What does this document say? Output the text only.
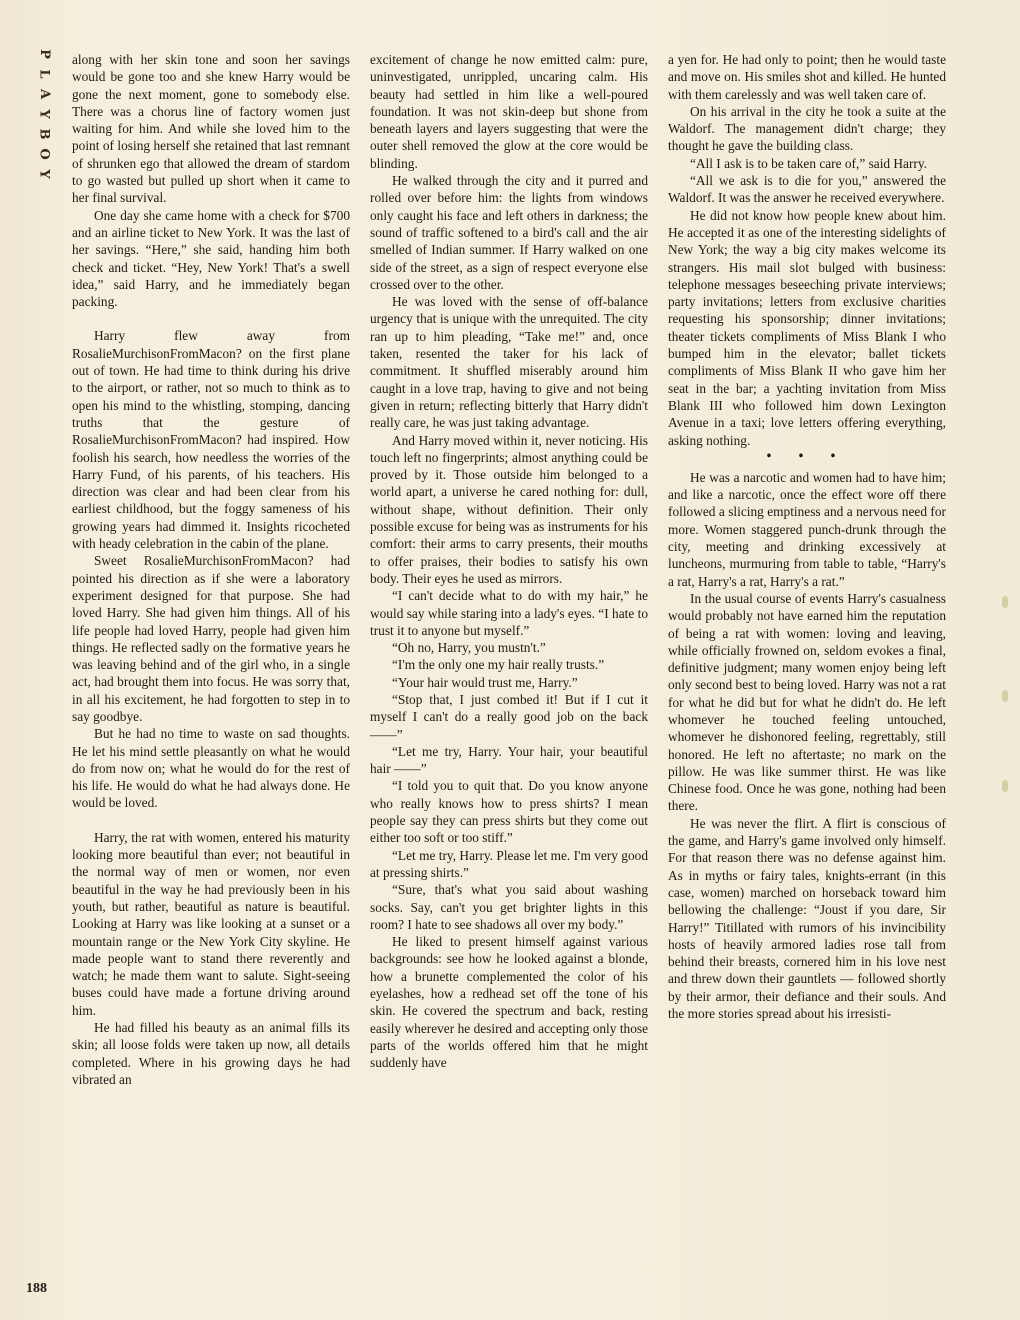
P
L
A
Y
B
O
Y
188

along with her skin tone and soon her savings would be gone too and she knew Harry would be gone the next moment, gone to somebody else. There was a chorus line of factory women just waiting for him. And while she loved him to the point of losing herself she retained that last remnant of shrunken ego that allowed the dream of stardom to go wasted but pulled up short when it came to her final survival.

One day she came home with a check for $700 and an airline ticket to New York. It was the last of her savings. “Here,” she said, handing him both check and ticket. “Hey, New York! That's a swell idea,” said Harry, and he immediately began packing.

Harry flew away from RosalieMurchisonFromMacon? on the first plane out of town. He had time to think during his drive to the airport, or rather, not so much to think as to open his mind to the whistling, stomping, dancing truths that the gesture of RosalieMurchisonFromMacon? had inspired. How foolish his search, how needless the worries of the Harry Fund, of his parents, of his teachers. His direction was clear and had been clear from his earliest childhood, but the foggy sameness of his growing years had dimmed it. Insights ricocheted with heady celebration in the cabin of the plane.

Sweet RosalieMurchisonFromMacon? had pointed his direction as if she were a laboratory experiment designed for that purpose. She had loved Harry. She had given him things. All of his life people had loved Harry, people had given him things. He reflected sadly on the formative years he was leaving behind and of the girl who, in a single act, had brought them into focus. He was sorry that, in all his excitement, he had forgotten to step in to say goodbye.

But he had no time to waste on sad thoughts. He let his mind settle pleasantly on what he would do from now on; what he would do for the rest of his life. He would do what he had always done. He would be loved.

Harry, the rat with women, entered his maturity looking more beautiful than ever; not beautiful in the normal way of men or women, nor even beautiful in the way he had previously been in his youth, but rather, beautiful as nature is beautiful. Looking at Harry was like looking at a sunset or a mountain range or the New York City skyline. He made people want to stand there reverently and watch; he made them want to salute. Sight-seeing buses could have made a fortune driving around him.

He had filled his beauty as an animal fills its skin; all loose folds were taken up now, all details completed. Where in his growing days he had vibrated an

excitement of change he now emitted calm: pure, uninvestigated, unrippled, uncaring calm. His beauty had settled in him like a well-poured foundation. It was not skin-deep but shone from beneath layers and layers suggesting that were the outer shell removed the glow at the core would be blinding.

He walked through the city and it purred and rolled over before him: the lights from windows only caught his face and left others in darkness; the sound of traffic softened to a bird's call and the air smelled of Indian summer. If Harry walked on one side of the street, as a sign of respect everyone else crossed over to the other.

He was loved with the sense of off-balance urgency that is unique with the unrequited. The city ran up to him pleading, “Take me!” and, once taken, resented the taker for his lack of commitment. It shuffled miserably around him caught in a love trap, having to give and not being given in return; reflecting bitterly that Harry didn't really care, he was just taking advantage.

And Harry moved within it, never noticing. His touch left no fingerprints; almost anything could be proved by it. Those outside him belonged to a world apart, a universe he cared nothing for: dull, without shape, without definition. Their only possible excuse for being was as instruments for his comfort: their arms to carry presents, their mouths to offer praises, their bodies to satisfy his own body. Their eyes he used as mirrors.

“I can't decide what to do with my hair,” he would say while staring into a lady's eyes. “I hate to trust it to anyone but myself.”

“Oh no, Harry, you mustn't.”

“I'm the only one my hair really trusts.”

“Your hair would trust me, Harry.”

“Stop that, I just combed it! But if I cut it myself I can't do a really good job on the back ——”

“Let me try, Harry. Your hair, your beautiful hair ——”

“I told you to quit that. Do you know anyone who really knows how to press shirts? I mean people say they can press shirts but they come out either too soft or too stiff.”

“Let me try, Harry. Please let me. I'm very good at pressing shirts.”

“Sure, that's what you said about washing socks. Say, can't you get brighter lights in this room? I hate to see shadows all over my body.”

He liked to present himself against various backgrounds: see how he looked against a blonde, how a brunette complemented the color of his eyelashes, how a redhead set off the tone of his skin. He covered the spectrum and back, resting easily wherever he desired and accepting only those parts of the worlds offered him that he might suddenly have

a yen for. He had only to point; then he would taste and move on. His smiles shot and killed. He hunted with them carelessly and was well taken care of.

On his arrival in the city he took a suite at the Waldorf. The management didn't charge; they thought he gave the building class.

“All I ask is to be taken care of,” said Harry.

“All we ask is to die for you,” answered the Waldorf. It was the answer he received everywhere.

He did not know how people knew about him. He accepted it as one of the interesting sidelights of New York; the way a big city makes welcome its strangers. His mail slot bulged with business: telephone messages beseeching private interviews; party invitations; letters from exclusive charities requesting his sponsorship; dinner invitations; theater tickets compliments of Miss Blank I who bumped him in the elevator; ballet tickets compliments of Miss Blank II who gave him her seat in the bar; a yachting invitation from Miss Blank III who followed him down Lexington Avenue in a taxi; love letters offering everything, asking nothing.

• • •

He was a narcotic and women had to have him; and like a narcotic, once the effect wore off there followed a slicing emptiness and a nervous need for more. Women staggered punch-drunk through the city, meeting and drinking excessively at luncheons, murmuring from table to table, “Harry's a rat, Harry's a rat, Harry's a rat.”

In the usual course of events Harry's casualness would probably not have earned him the reputation of being a rat with women: loving and leaving, while officially frowned on, seldom evokes a final, definitive judgment; many women enjoy being left only second best to being loved. Harry was not a rat for what he did but for what he didn't do. He left whomever he touched feeling untouched, whomever he dishonored feeling, regrettably, still honored. He left no aftertaste; no mark on the pillow. He was like summer thirst. He was like Chinese food. Once he was gone, nothing had been there.

He was never the flirt. A flirt is conscious of the game, and Harry's game involved only himself. For that reason there was no defense against him. As in myths or fairy tales, knights-errant (in this case, women) marched on horseback toward him bellowing the challenge: “Joust if you dare, Sir Harry!” Titillated with rumors of his invincibility hosts of heavily armored ladies rose tall from behind their breasts, cornered him in his love nest and threw down their gauntlets — followed shortly by their armor, their defiance and their souls. And the more stories spread about his irresisti-
